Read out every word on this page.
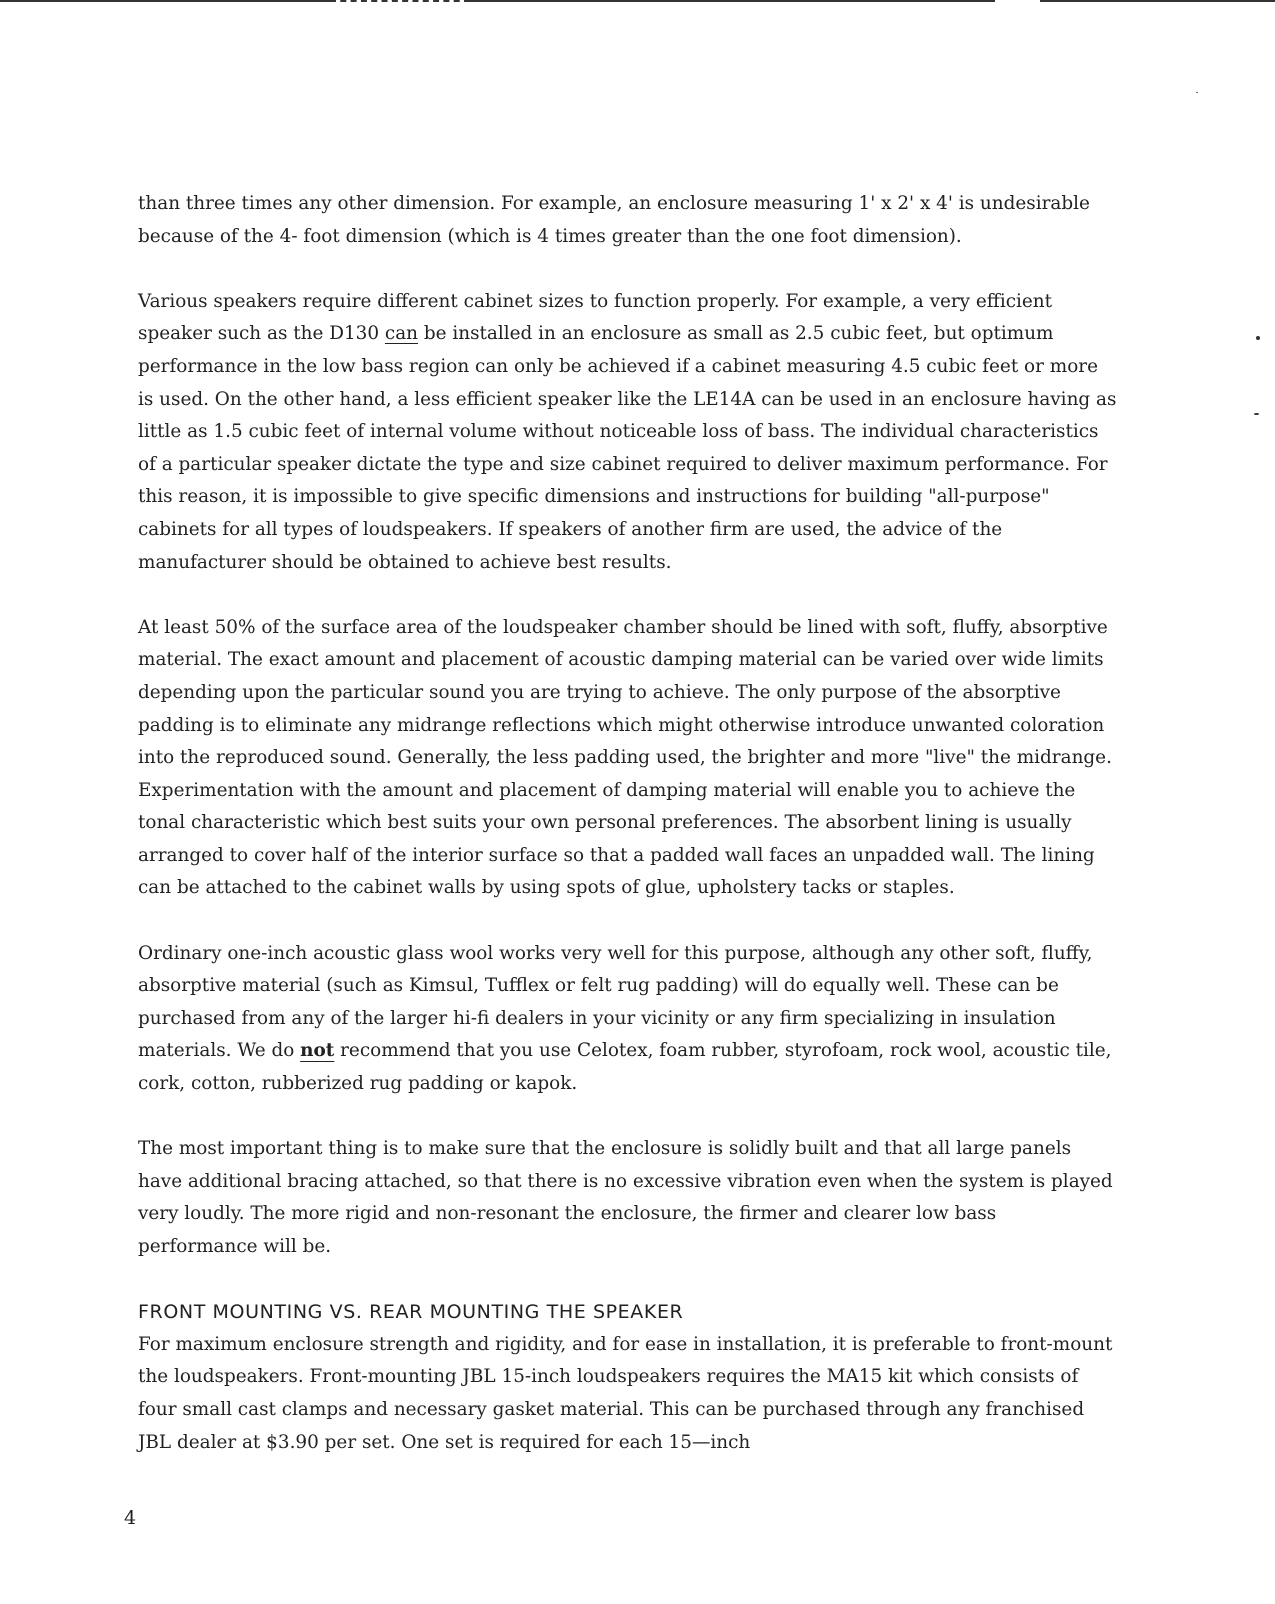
than three times any other dimension. For example, an enclosure measuring 1' x 2' x 4' is undesirable because of the 4- foot dimension (which is 4 times greater than the one foot dimension).

Various speakers require different cabinet sizes to function properly. For example, a very efficient speaker such as the D130 can be installed in an enclosure as small as 2.5 cubic feet, but optimum performance in the low bass region can only be achieved if a cabinet measuring 4.5 cubic feet or more is used. On the other hand, a less efficient speaker like the LE14A can be used in an enclosure having as little as 1.5 cubic feet of internal volume without noticeable loss of bass. The individual characteristics of a particular speaker dictate the type and size cabinet required to deliver maximum performance. For this reason, it is impossible to give specific dimensions and instructions for building "all-purpose" cabinets for all types of loudspeakers. If speakers of another firm are used, the advice of the manufacturer should be obtained to achieve best results.

At least 50% of the surface area of the loudspeaker chamber should be lined with soft, fluffy, absorptive material. The exact amount and placement of acoustic damping material can be varied over wide limits depending upon the particular sound you are trying to achieve. The only purpose of the absorptive padding is to eliminate any midrange reflections which might otherwise introduce unwanted coloration into the reproduced sound. Generally, the less padding used, the brighter and more "live" the midrange. Experimentation with the amount and placement of damping material will enable you to achieve the tonal characteristic which best suits your own personal preferences. The absorbent lining is usually arranged to cover half of the interior surface so that a padded wall faces an unpadded wall. The lining can be attached to the cabinet walls by using spots of glue, upholstery tacks or staples.

Ordinary one-inch acoustic glass wool works very well for this purpose, although any other soft, fluffy, absorptive material (such as Kimsul, Tufflex or felt rug padding) will do equally well. These can be purchased from any of the larger hi-fi dealers in your vicinity or any firm specializing in insulation materials. We do not recommend that you use Celotex, foam rubber, styrofoam, rock wool, acoustic tile, cork, cotton, rubberized rug padding or kapok.

The most important thing is to make sure that the enclosure is solidly built and that all large panels have additional bracing attached, so that there is no excessive vibration even when the system is played very loudly. The more rigid and non-resonant the enclosure, the firmer and clearer low bass performance will be.

FRONT MOUNTING VS. REAR MOUNTING THE SPEAKER

For maximum enclosure strength and rigidity, and for ease in installation, it is preferable to front-mount the loudspeakers. Front-mounting JBL 15-inch loudspeakers requires the MA15 kit which consists of four small cast clamps and necessary gasket material. This can be purchased through any franchised JBL dealer at $3.90 per set. One set is required for each 15—inch

4
